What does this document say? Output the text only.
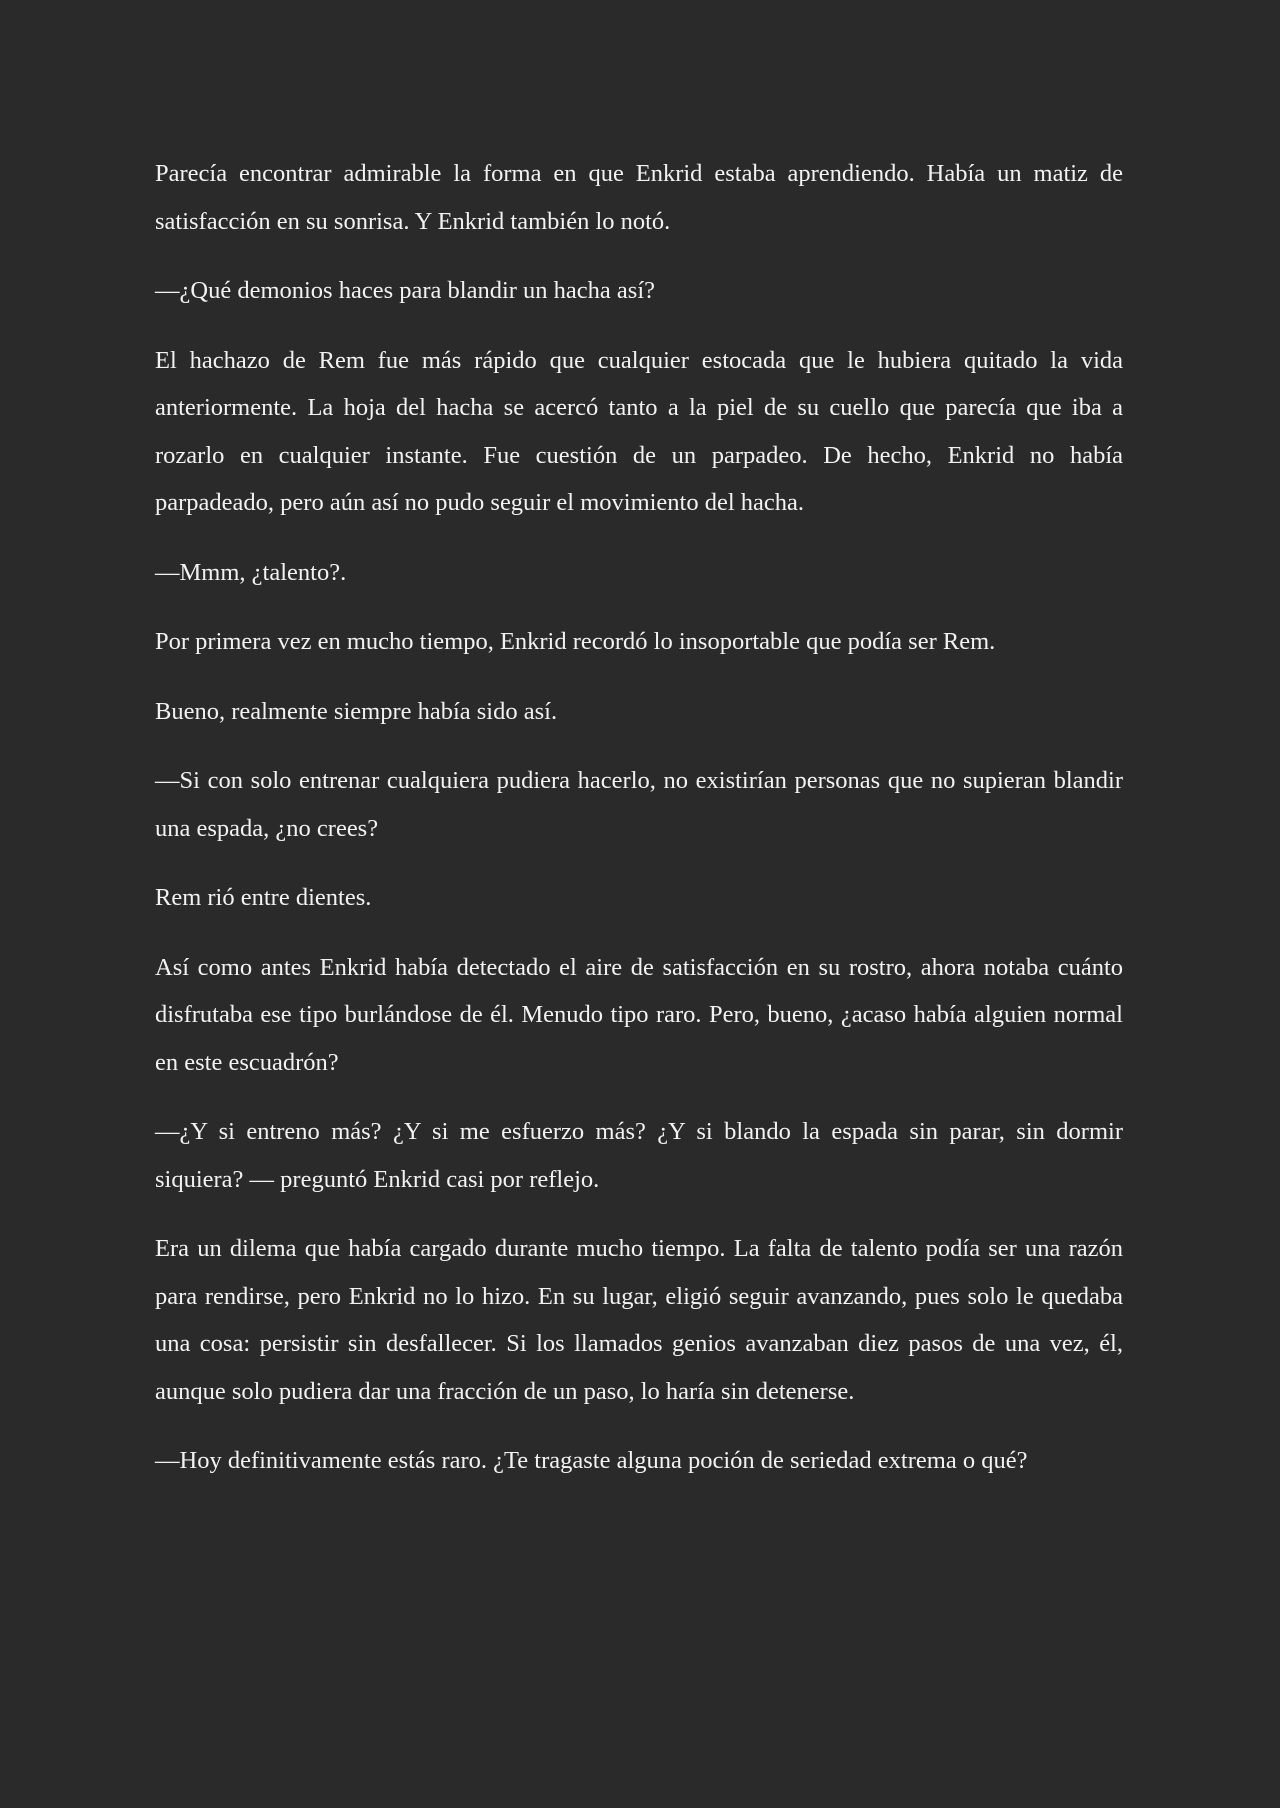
Parecía encontrar admirable la forma en que Enkrid estaba aprendiendo. Había un matiz de satisfacción en su sonrisa. Y Enkrid también lo notó.

—¿Qué demonios haces para blandir un hacha así?

El hachazo de Rem fue más rápido que cualquier estocada que le hubiera quitado la vida anteriormente. La hoja del hacha se acercó tanto a la piel de su cuello que parecía que iba a rozarlo en cualquier instante. Fue cuestión de un parpadeo. De hecho, Enkrid no había parpadeado, pero aún así no pudo seguir el movimiento del hacha.

—Mmm, ¿talento?.

Por primera vez en mucho tiempo, Enkrid recordó lo insoportable que podía ser Rem.

Bueno, realmente siempre había sido así.

—Si con solo entrenar cualquiera pudiera hacerlo, no existirían personas que no supieran blandir una espada, ¿no crees?

Rem rió entre dientes.

Así como antes Enkrid había detectado el aire de satisfacción en su rostro, ahora notaba cuánto disfrutaba ese tipo burlándose de él. Menudo tipo raro. Pero, bueno, ¿acaso había alguien normal en este escuadrón?

—¿Y si entreno más? ¿Y si me esfuerzo más? ¿Y si blando la espada sin parar, sin dormir siquiera? — preguntó Enkrid casi por reflejo.

Era un dilema que había cargado durante mucho tiempo. La falta de talento podía ser una razón para rendirse, pero Enkrid no lo hizo. En su lugar, eligió seguir avanzando, pues solo le quedaba una cosa: persistir sin desfallecer. Si los llamados genios avanzaban diez pasos de una vez, él, aunque solo pudiera dar una fracción de un paso, lo haría sin detenerse.

—Hoy definitivamente estás raro. ¿Te tragaste alguna poción de seriedad extrema o qué?
